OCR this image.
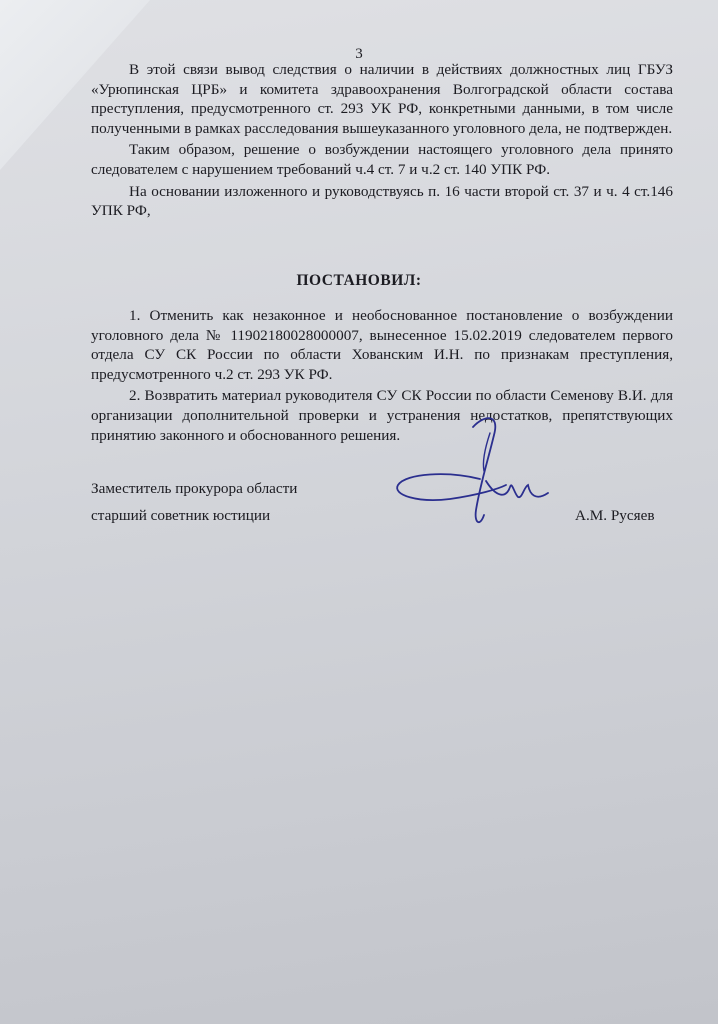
3

В этой связи вывод следствия о наличии в действиях должностных лиц ГБУЗ «Урюпинская ЦРБ» и комитета здравоохранения Волгоградской области состава преступления, предусмотренного ст. 293 УК РФ, конкретными данными, в том числе полученными в рамках расследования вышеуказанного уголовного дела, не подтвержден.

Таким образом, решение о возбуждении настоящего уголовного дела принято следователем с нарушением требований ч.4 ст. 7 и ч.2 ст. 140 УПК РФ.

На основании изложенного и руководствуясь п. 16 части второй ст. 37 и ч. 4 ст.146 УПК РФ,

ПОСТАНОВИЛ:

1. Отменить как незаконное и необоснованное постановление о возбуждении уголовного дела № 11902180028000007, вынесенное 15.02.2019 следователем первого отдела СУ СК России по области Хованским И.Н. по признакам преступления, предусмотренного ч.2 ст. 293 УК РФ.

2. Возвратить материал руководителя СУ СК России по области Семенову В.И. для организации дополнительной проверки и устранения недостатков, препятствующих принятию законного и обоснованного решения.

Заместитель прокурора области
старший советник юстиции	А.М. Русяев
